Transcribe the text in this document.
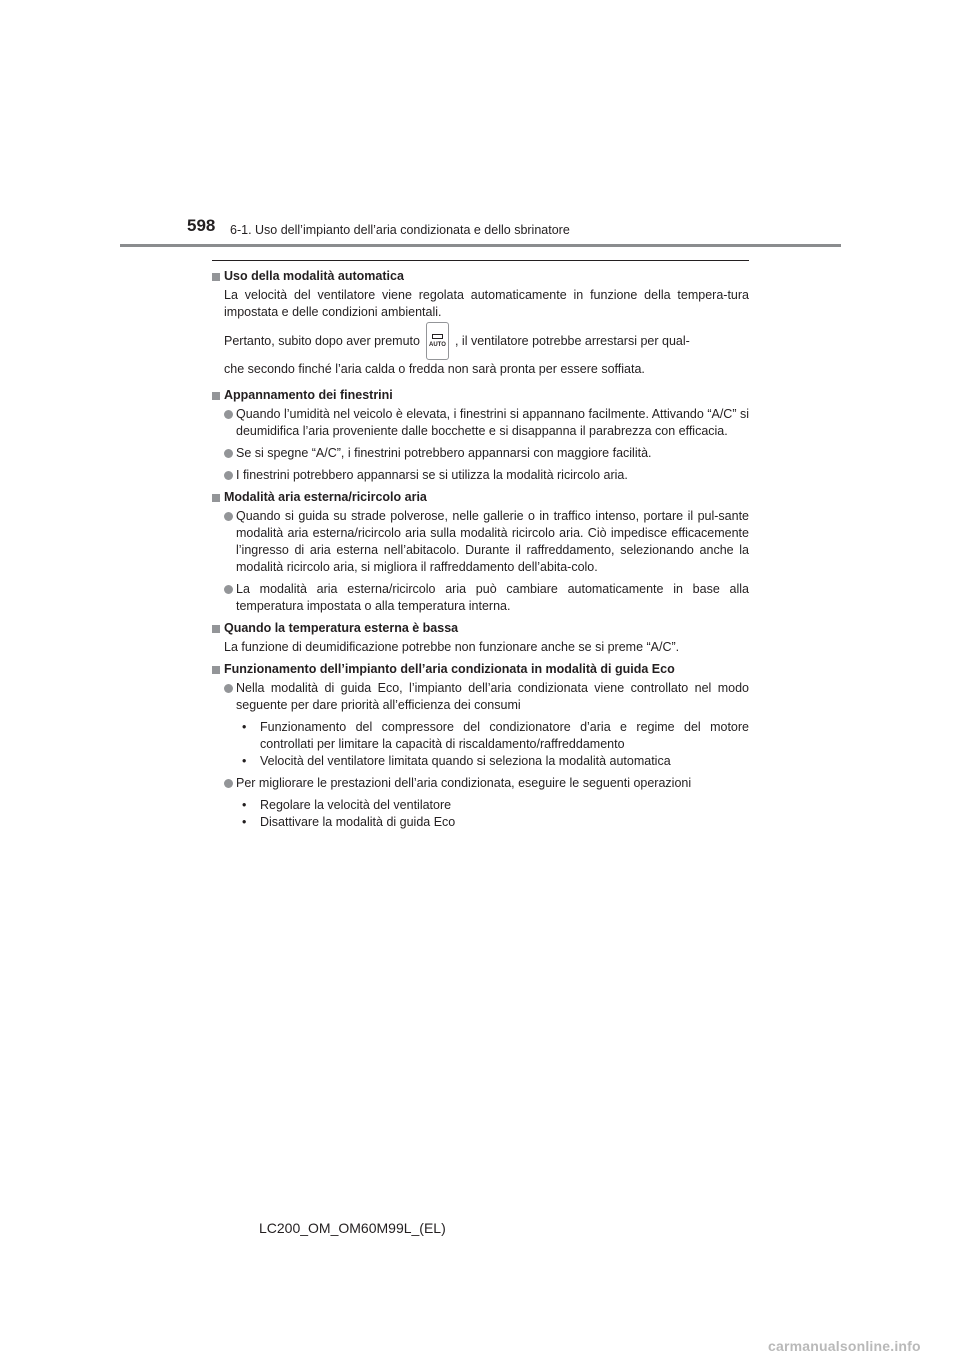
598 6-1. Uso dell’impianto dell’aria condizionata e dello sbrinatore

Uso della modalità automatica

La velocità del ventilatore viene regolata automaticamente in funzione della tempera-tura impostata e delle condizioni ambientali.

Pertanto, subito dopo aver premuto AUTO , il ventilatore potrebbe arrestarsi per qual-

che secondo finché l’aria calda o fredda non sarà pronta per essere soffiata.

Appannamento dei finestrini

Quando l’umidità nel veicolo è elevata, i finestrini si appannano facilmente. Attivando “A/C” si deumidifica l’aria proveniente dalle bocchette e si disappanna il parabrezza con efficacia.

Se si spegne “A/C”, i finestrini potrebbero appannarsi con maggiore facilità.

I finestrini potrebbero appannarsi se si utilizza la modalità ricircolo aria.

Modalità aria esterna/ricircolo aria

Quando si guida su strade polverose, nelle gallerie o in traffico intenso, portare il pul-sante modalità aria esterna/ricircolo aria sulla modalità ricircolo aria. Ciò impedisce efficacemente l’ingresso di aria esterna nell’abitacolo. Durante il raffreddamento, selezionando anche la modalità ricircolo aria, si migliora il raffreddamento dell’abita-colo.

La modalità aria esterna/ricircolo aria può cambiare automaticamente in base alla temperatura impostata o alla temperatura interna.

Quando la temperatura esterna è bassa

La funzione di deumidificazione potrebbe non funzionare anche se si preme “A/C”.

Funzionamento dell’impianto dell’aria condizionata in modalità di guida Eco

Nella modalità di guida Eco, l’impianto dell’aria condizionata viene controllato nel modo seguente per dare priorità all’efficienza dei consumi

• Funzionamento del compressore del condizionatore d’aria e regime del motore controllati per limitare la capacità di riscaldamento/raffreddamento

• Velocità del ventilatore limitata quando si seleziona la modalità automatica

Per migliorare le prestazioni dell’aria condizionata, eseguire le seguenti operazioni

• Regolare la velocità del ventilatore

• Disattivare la modalità di guida Eco

LC200_OM_OM60M99L_(EL)
carmanualsonline.info
